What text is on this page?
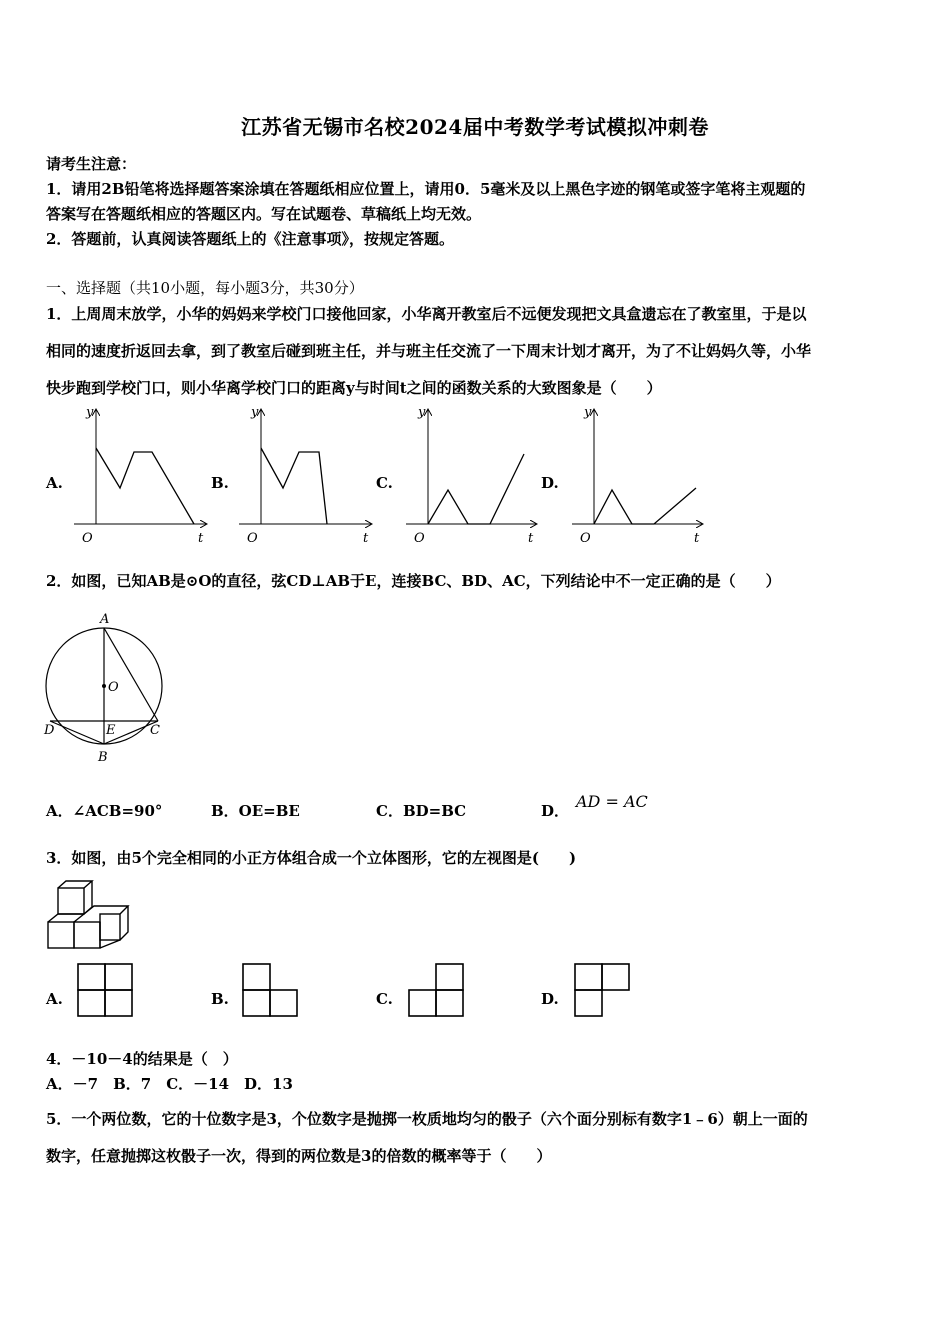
江苏省无锡市名校2024届中考数学考试模拟冲刺卷
请考生注意：
1．请用2B铅笔将选择题答案涂填在答题纸相应位置上，请用0．5毫米及以上黑色字迹的钢笔或签字笔将主观题的
答案写在答题纸相应的答题区内。写在试题卷、草稿纸上均无效。
2．答题前，认真阅读答题纸上的《注意事项》，按规定答题。
一、选择题（共10小题，每小题3分，共30分）
1．上周周末放学，小华的妈妈来学校门口接他回家，小华离开教室后不远便发现把文具盒遗忘在了教室里，于是以
相同的速度折返回去拿，到了教室后碰到班主任，并与班主任交流了一下周末计划才离开，为了不让妈妈久等，小华
快步跑到学校门口，则小华离学校门口的距离y与时间t之间的函数关系的大致图象是（　　）
A.	B.	C.	D.
y
t
O
y
t
O
y
t
O
y
t
O
2．如图，已知AB是⊙O的直径，弦CD⊥AB于E，连接BC、BD、AC，下列结论中不一定正确的是（　　）
A
O
D	E	C
B
A．∠ACB=90°	B．OE=BE	C．BD=BC	D． AD = AC
3．如图，由5个完全相同的小正方体组合成一个立体图形，它的左视图是(　　)
A.	B.	C.	D.
4．－10－4的结果是（　）
A．－7　B．7　C．－14　D．13
5．一个两位数，它的十位数字是3，个位数字是抛掷一枚质地均匀的骰子（六个面分别标有数字1﹣6）朝上一面的
数字，任意抛掷这枚骰子一次，得到的两位数是3的倍数的概率等于（　　）
